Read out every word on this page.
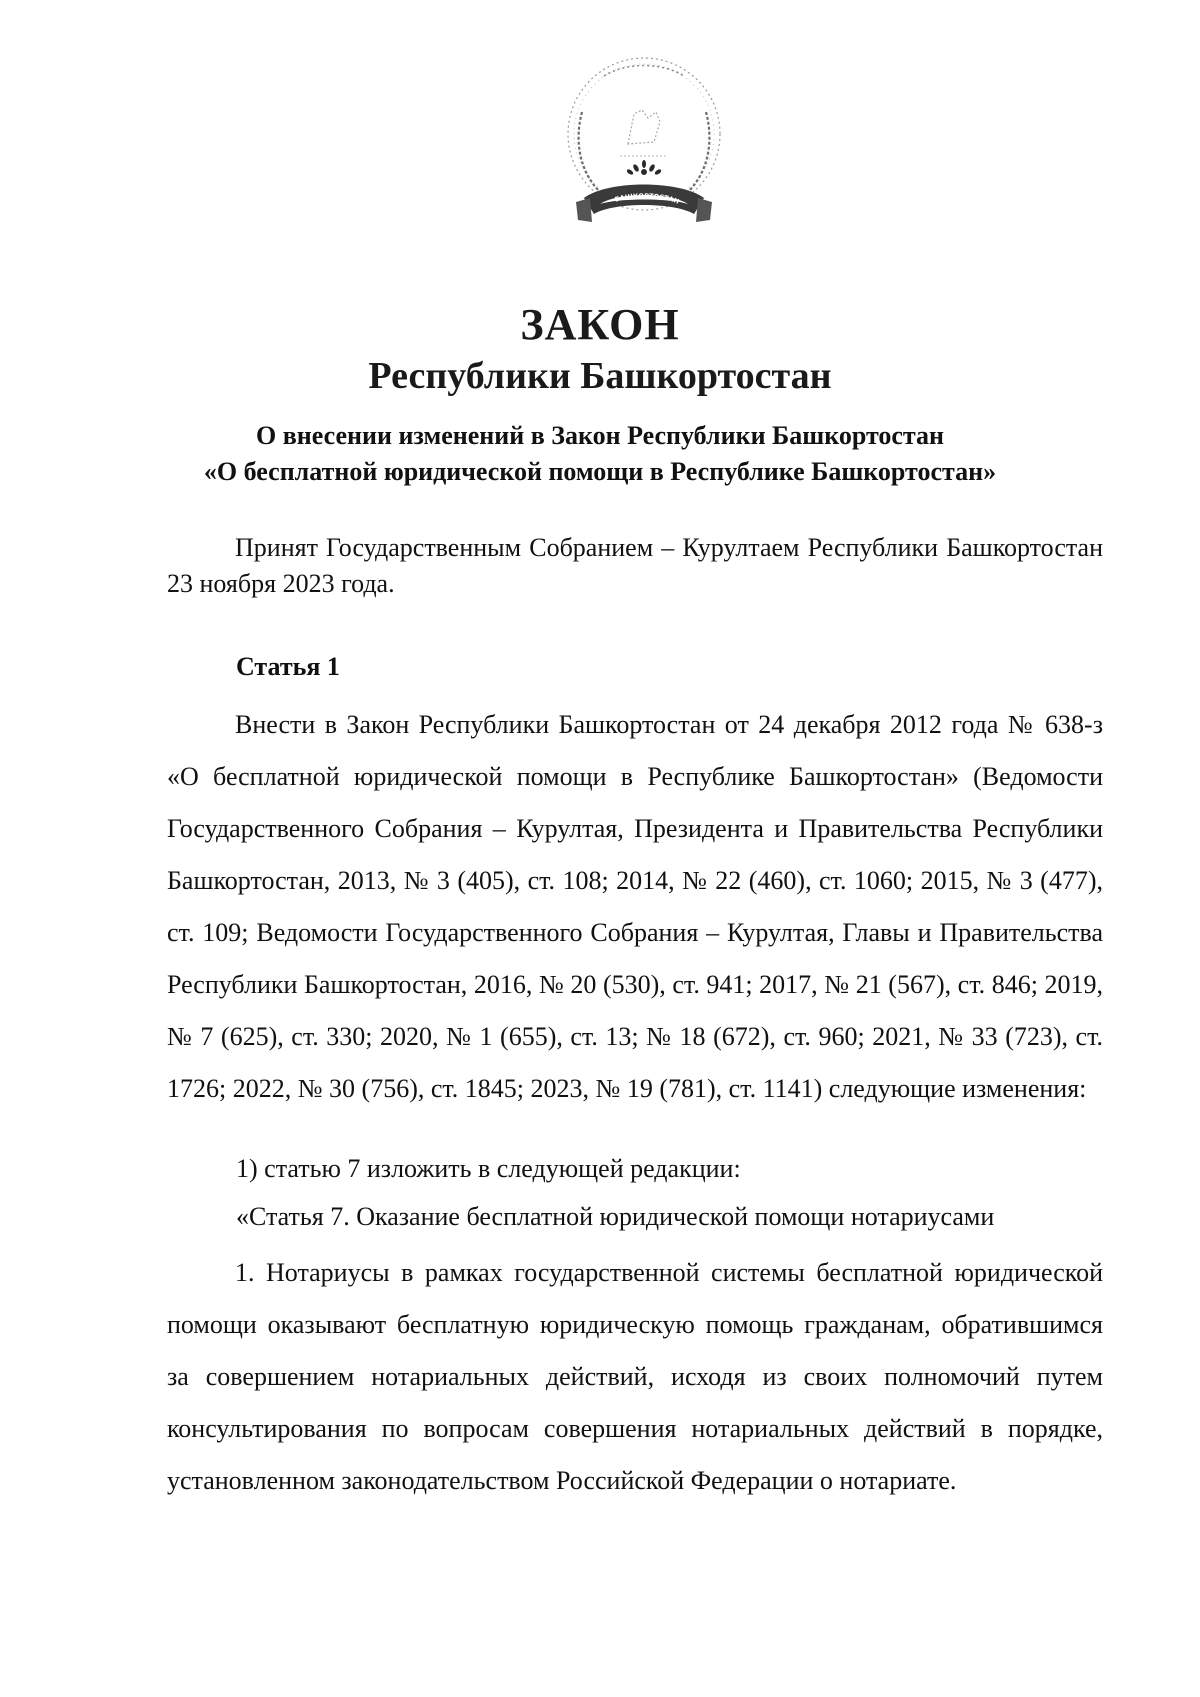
БАШКОРТОСТАН
ЗАКОН
Республики Башкортостан

О внесении изменений в Закон Республики Башкортостан
«О бесплатной юридической помощи в Республике Башкортостан»

Принят Государственным Собранием – Курултаем Республики Башкортостан 23 ноября 2023 года.

Статья 1

Внести в Закон Республики Башкортостан от 24 декабря 2012 года № 638-з «О бесплатной юридической помощи в Республике Башкортостан» (Ведомости Государственного Собрания – Курултая, Президента и Правительства Республики Башкортостан, 2013, № 3 (405), ст. 108; 2014, № 22 (460), ст. 1060; 2015, № 3 (477), ст. 109; Ведомости Государственного Собрания – Курултая, Главы и Правительства Республики Башкортостан, 2016, № 20 (530), ст. 941; 2017, № 21 (567), ст. 846; 2019, № 7 (625), ст. 330; 2020, № 1 (655), ст. 13; № 18 (672), ст. 960; 2021, № 33 (723), ст. 1726; 2022, № 30 (756), ст. 1845; 2023, № 19 (781), ст. 1141) следующие изменения:

1) статью 7 изложить в следующей редакции:

«Статья 7. Оказание бесплатной юридической помощи нотариусами

1. Нотариусы в рамках государственной системы бесплатной юридической помощи оказывают бесплатную юридическую помощь гражданам, обратившимся за совершением нотариальных действий, исходя из своих полномочий путем консультирования по вопросам совершения нотариальных действий в порядке, установленном законодательством Российской Федерации о нотариате.
